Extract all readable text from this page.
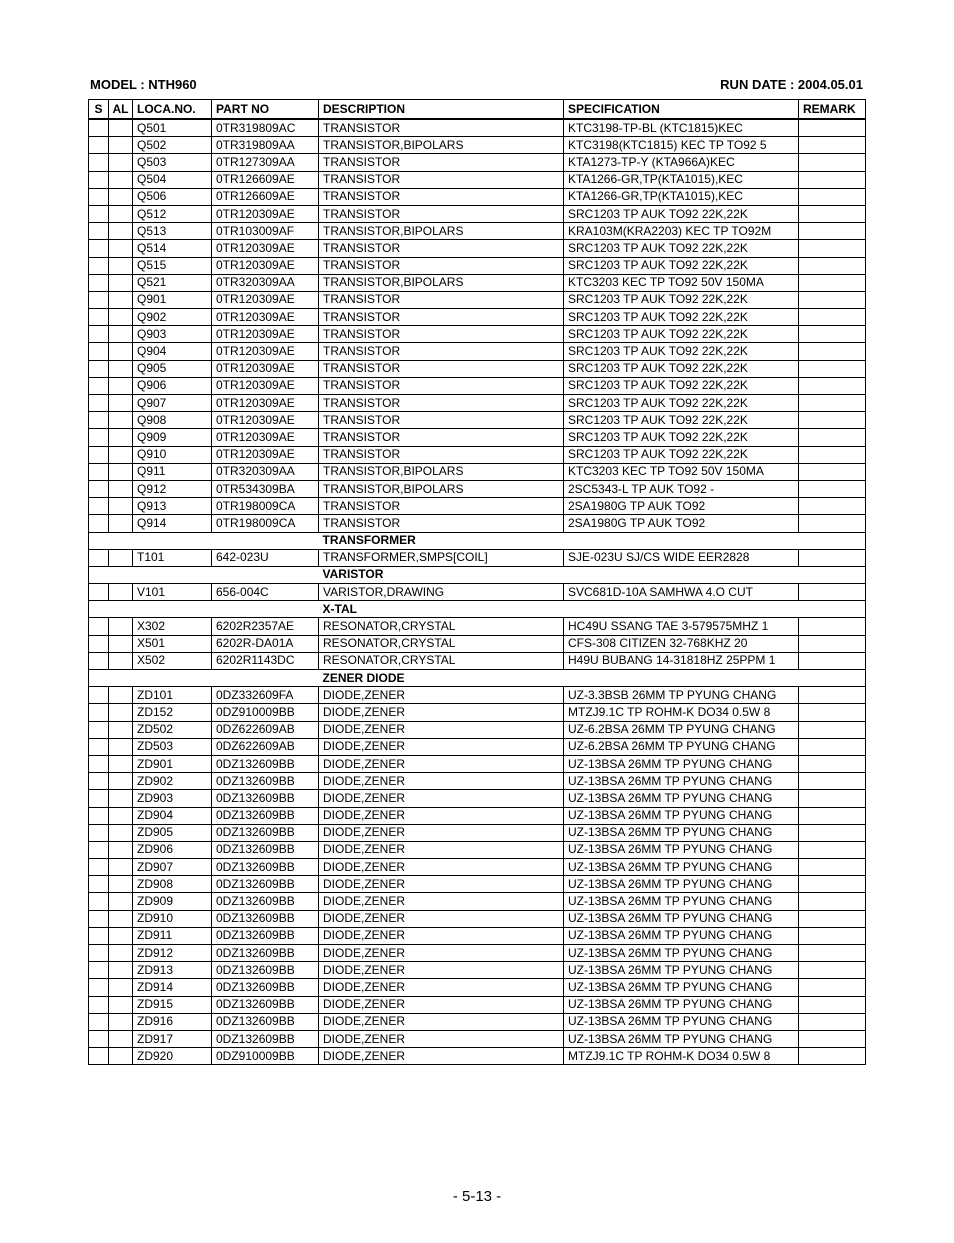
MODEL : NTH960	RUN DATE : 2004.05.01
S	AL	LOCA.NO.	PART NO	DESCRIPTION	SPECIFICATION	REMARK
		Q501	0TR319809AC	TRANSISTOR	KTC3198-TP-BL (KTC1815)KEC	
		Q502	0TR319809AA	TRANSISTOR,BIPOLARS	KTC3198(KTC1815) KEC TP TO92 5	
		Q503	0TR127309AA	TRANSISTOR	KTA1273-TP-Y (KTA966A)KEC	
		Q504	0TR126609AE	TRANSISTOR	KTA1266-GR,TP(KTA1015),KEC	
		Q506	0TR126609AE	TRANSISTOR	KTA1266-GR,TP(KTA1015),KEC	
		Q512	0TR120309AE	TRANSISTOR	SRC1203 TP AUK TO92 22K,22K	
		Q513	0TR103009AF	TRANSISTOR,BIPOLARS	KRA103M(KRA2203) KEC TP TO92M	
		Q514	0TR120309AE	TRANSISTOR	SRC1203 TP AUK TO92 22K,22K	
		Q515	0TR120309AE	TRANSISTOR	SRC1203 TP AUK TO92 22K,22K	
		Q521	0TR320309AA	TRANSISTOR,BIPOLARS	KTC3203 KEC TP TO92 50V 150MA	
		Q901	0TR120309AE	TRANSISTOR	SRC1203 TP AUK TO92 22K,22K	
		Q902	0TR120309AE	TRANSISTOR	SRC1203 TP AUK TO92 22K,22K	
		Q903	0TR120309AE	TRANSISTOR	SRC1203 TP AUK TO92 22K,22K	
		Q904	0TR120309AE	TRANSISTOR	SRC1203 TP AUK TO92 22K,22K	
		Q905	0TR120309AE	TRANSISTOR	SRC1203 TP AUK TO92 22K,22K	
		Q906	0TR120309AE	TRANSISTOR	SRC1203 TP AUK TO92 22K,22K	
		Q907	0TR120309AE	TRANSISTOR	SRC1203 TP AUK TO92 22K,22K	
		Q908	0TR120309AE	TRANSISTOR	SRC1203 TP AUK TO92 22K,22K	
		Q909	0TR120309AE	TRANSISTOR	SRC1203 TP AUK TO92 22K,22K	
		Q910	0TR120309AE	TRANSISTOR	SRC1203 TP AUK TO92 22K,22K	
		Q911	0TR320309AA	TRANSISTOR,BIPOLARS	KTC3203 KEC TP TO92 50V 150MA	
		Q912	0TR534309BA	TRANSISTOR,BIPOLARS	2SC5343-L TP AUK TO92 -	
		Q913	0TR198009CA	TRANSISTOR	2SA1980G TP AUK TO92	
		Q914	0TR198009CA	TRANSISTOR	2SA1980G TP AUK TO92	
				TRANSFORMER		
		T101	642-023U	TRANSFORMER,SMPS[COIL]	SJE-023U SJ/CS WIDE EER2828	
				VARISTOR		
		V101	656-004C	VARISTOR,DRAWING	SVC681D-10A SAMHWA 4.O CUT	
				X-TAL		
		X302	6202R2357AE	RESONATOR,CRYSTAL	HC49U SSANG TAE 3-579575MHZ 1	
		X501	6202R-DA01A	RESONATOR,CRYSTAL	CFS-308 CITIZEN 32-768KHZ 20	
		X502	6202R1143DC	RESONATOR,CRYSTAL	H49U BUBANG 14-31818HZ 25PPM 1	
				ZENER DIODE		
		ZD101	0DZ332609FA	DIODE,ZENER	UZ-3.3BSB 26MM TP PYUNG CHANG	
		ZD152	0DZ910009BB	DIODE,ZENER	MTZJ9.1C TP ROHM-K DO34 0.5W 8	
		ZD502	0DZ622609AB	DIODE,ZENER	UZ-6.2BSA 26MM TP PYUNG CHANG	
		ZD503	0DZ622609AB	DIODE,ZENER	UZ-6.2BSA 26MM TP PYUNG CHANG	
		ZD901	0DZ132609BB	DIODE,ZENER	UZ-13BSA 26MM TP PYUNG CHANG	
		ZD902	0DZ132609BB	DIODE,ZENER	UZ-13BSA 26MM TP PYUNG CHANG	
		ZD903	0DZ132609BB	DIODE,ZENER	UZ-13BSA 26MM TP PYUNG CHANG	
		ZD904	0DZ132609BB	DIODE,ZENER	UZ-13BSA 26MM TP PYUNG CHANG	
		ZD905	0DZ132609BB	DIODE,ZENER	UZ-13BSA 26MM TP PYUNG CHANG	
		ZD906	0DZ132609BB	DIODE,ZENER	UZ-13BSA 26MM TP PYUNG CHANG	
		ZD907	0DZ132609BB	DIODE,ZENER	UZ-13BSA 26MM TP PYUNG CHANG	
		ZD908	0DZ132609BB	DIODE,ZENER	UZ-13BSA 26MM TP PYUNG CHANG	
		ZD909	0DZ132609BB	DIODE,ZENER	UZ-13BSA 26MM TP PYUNG CHANG	
		ZD910	0DZ132609BB	DIODE,ZENER	UZ-13BSA 26MM TP PYUNG CHANG	
		ZD911	0DZ132609BB	DIODE,ZENER	UZ-13BSA 26MM TP PYUNG CHANG	
		ZD912	0DZ132609BB	DIODE,ZENER	UZ-13BSA 26MM TP PYUNG CHANG	
		ZD913	0DZ132609BB	DIODE,ZENER	UZ-13BSA 26MM TP PYUNG CHANG	
		ZD914	0DZ132609BB	DIODE,ZENER	UZ-13BSA 26MM TP PYUNG CHANG	
		ZD915	0DZ132609BB	DIODE,ZENER	UZ-13BSA 26MM TP PYUNG CHANG	
		ZD916	0DZ132609BB	DIODE,ZENER	UZ-13BSA 26MM TP PYUNG CHANG	
		ZD917	0DZ132609BB	DIODE,ZENER	UZ-13BSA 26MM TP PYUNG CHANG	
		ZD920	0DZ910009BB	DIODE,ZENER	MTZJ9.1C TP ROHM-K DO34 0.5W 8	
- 5-13 -
